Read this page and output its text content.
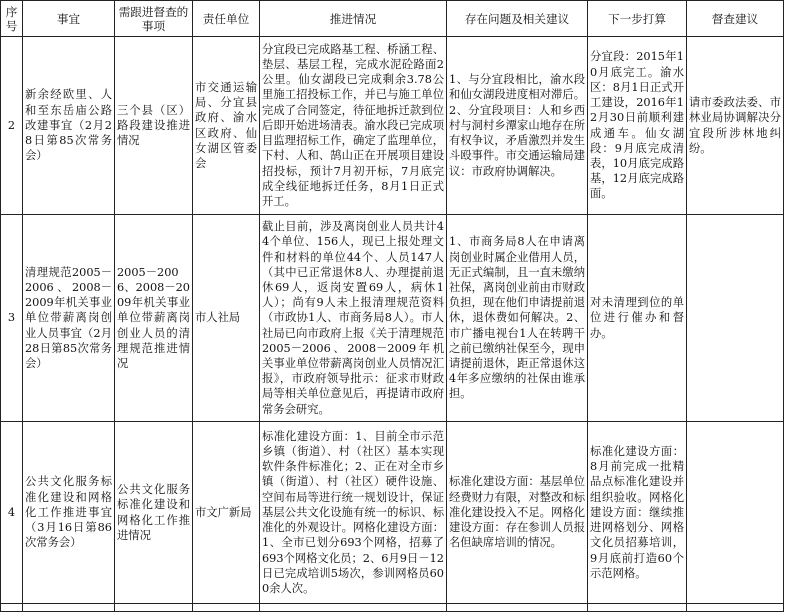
序号	事宜	需跟进督查的事项	责任单位	推进情况	存在问题及相关建议	下一步打算	督查建议
2	新余经欧里、人和至东岳庙公路改建事宜（2月28日第85次常务会）	三个县（区）路段建设推进情况	市交通运输局、分宜县政府、渝水区政府、仙女湖区管委会	分宜段已完成路基工程、桥涵工程、垫层、基层工程，完成水泥砼路面2公里。仙女湖段已完成剩余3.78公里施工招投标工作，并已与施工单位完成了合同签定，待征地拆迁款到位后即开始进场清表。渝水段已完成项目监理招标工作，确定了监理单位，下村、人和、鹄山正在开展项目建设招投标，预计7月初开标，7月底完成全线征地拆迁任务，8月1日正式开工。	1、与分宜段相比，渝水段和仙女湖段进度相对滞后。2、分宜段项目：人和乡西村与洞村乡潭家山地存在所有权争议，矛盾激烈并发生斗殴事件。市交通运输局建议：市政府协调解决。	分宜段：2015年10月底完工。渝水区：8月1日正式开工建设，2016年12月30日前顺利建成通车。仙女湖段：9月底完成清表，10月底完成路基，12月底完成路面。	请市委政法委、市林业局协调解决分宜段所涉林地纠纷。
3	清理规范2005－2006、2008－2009年机关事业单位带薪离岗创业人员事宜（2月28日第85次常务会）	2005－2006、2008－2009年机关事业单位带薪离岗创业人员的清理规范推进情况	市人社局	截止目前，涉及离岗创业人员共计44个单位、156人，现已上报处理文件和材料的单位44个、人员147人（其中已正常退休8人、办理提前退休69人，返岗安置69人，病休1人）；尚有9人未上报清理规范资料（市政协1人、市商务局8人）。市人社局已向市政府上报《关于清理规范2005－2006、2008－2009年机关事业单位带薪离岗创业人员情况汇报》，市政府领导批示：征求市财政局等相关单位意见后，再提请市政府常务会研究。	1、市商务局8人在申请离岗创业时属企业借用人员，无正式编制，且一直未缴纳社保，离岗创业前由市财政负担，现在他们申请提前退休，退休费如何解决。2、市广播电视台1人在转聘干之前已缴纳社保至今，现申请提前退休，距正常退休这4年多应缴纳的社保由谁承担。	对未清理到位的单位进行催办和督办。	
4	公共文化服务标准化建设和网格化工作推进事宜（3月16日第86次常务会）	公共文化服务标准化建设和网格化工作推进情况	市文广新局	标准化建设方面：1、目前全市示范乡镇（街道）、村（社区）基本实现软件条件标准化；2、正在对全市乡镇（街道）、村（社区）硬件设施、空间布局等进行统一规划设计，保证基层公共文化设施有统一的标识、标准化的外观设计。网格化建设方面：1、全市已划分693个网格，招募了693个网格文化员；2、6月9日－12日已完成培训5场次，参训网格员600余人次。	标准化建设方面：基层单位经费财力有限，对整改和标准化建设投入不足。网格化建设方面：存在参训人员报名但缺席培训的情况。	标准化建设方面：8月前完成一批精品点标准化建设并组织验收。网格化建设方面：继续推进网格划分、网格文化员招募培训，9月底前打造60个示范网格。	
